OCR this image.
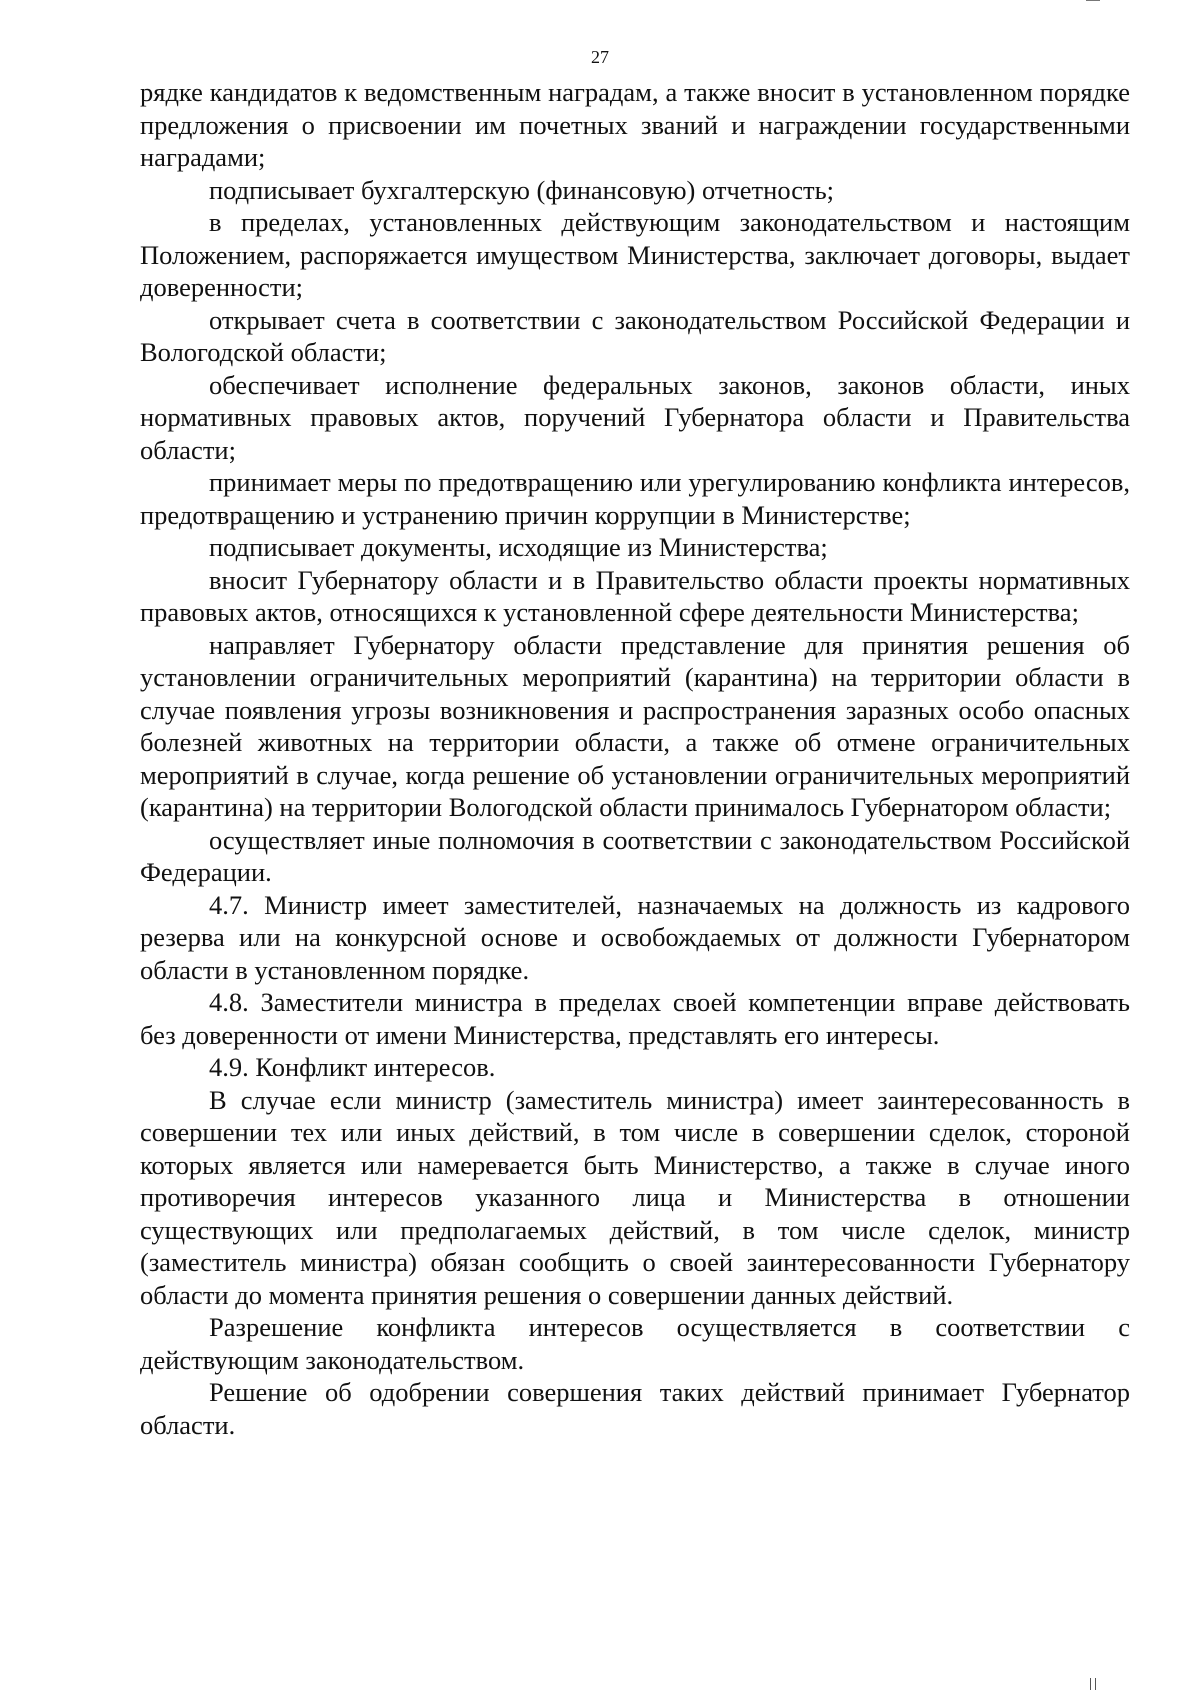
27

рядке кандидатов к ведомственным наградам, а также вносит в установленном порядке предложения о присвоении им почетных званий и награждении государственными наградами;

подписывает бухгалтерскую (финансовую) отчетность;

в пределах, установленных действующим законодательством и настоящим Положением, распоряжается имуществом Министерства, заключает договоры, выдает доверенности;

открывает счета в соответствии с законодательством Российской Федерации и Вологодской области;

обеспечивает исполнение федеральных законов, законов области, иных нормативных правовых актов, поручений Губернатора области и Правительства области;

принимает меры по предотвращению или урегулированию конфликта интересов, предотвращению и устранению причин коррупции в Министерстве;

подписывает документы, исходящие из Министерства;

вносит Губернатору области и в Правительство области проекты нормативных правовых актов, относящихся к установленной сфере деятельности Министерства;

направляет Губернатору области представление для принятия решения об установлении ограничительных мероприятий (карантина) на территории области в случае появления угрозы возникновения и распространения заразных особо опасных болезней животных на территории области, а также об отмене ограничительных мероприятий в случае, когда решение об установлении ограничительных мероприятий (карантина) на территории Вологодской области принималось Губернатором области;

осуществляет иные полномочия в соответствии с законодательством Российской Федерации.

4.7. Министр имеет заместителей, назначаемых на должность из кадрового резерва или на конкурсной основе и освобождаемых от должности Губернатором области в установленном порядке.

4.8. Заместители министра в пределах своей компетенции вправе действовать без доверенности от имени Министерства, представлять его интересы.

4.9. Конфликт интересов.

В случае если министр (заместитель министра) имеет заинтересованность в совершении тех или иных действий, в том числе в совершении сделок, стороной которых является или намеревается быть Министерство, а также в случае иного противоречия интересов указанного лица и Министерства в отношении существующих или предполагаемых действий, в том числе сделок, министр (заместитель министра) обязан сообщить о своей заинтересованности Губернатору области до момента принятия решения о совершении данных действий.

Разрешение конфликта интересов осуществляется в соответствии с действующим законодательством.

Решение об одобрении совершения таких действий принимает Губернатор области.
